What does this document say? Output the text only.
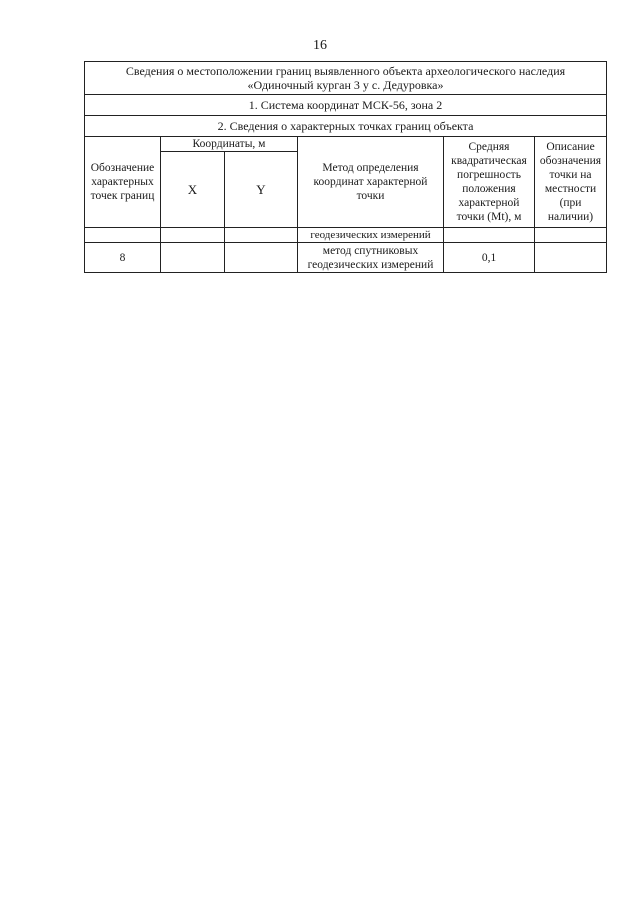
16
Сведения о местоположении границ выявленного объекта археологического наследия
«Одиночный курган 3 у с. Дедуровка»					
1. Система координат МСК-56, зона 2					
2. Сведения о характерных точках границ объекта					
Обозначение характерных точек границ	Координаты, м		Метод определения координат характерной точки	Средняя квадратическая погрешность положения характерной точки (Mt), м	Описание обозначения точки на местности (при наличии)
	X	Y			
			геодезических измерений		
8			метод спутниковых геодезических измерений	0,1	
